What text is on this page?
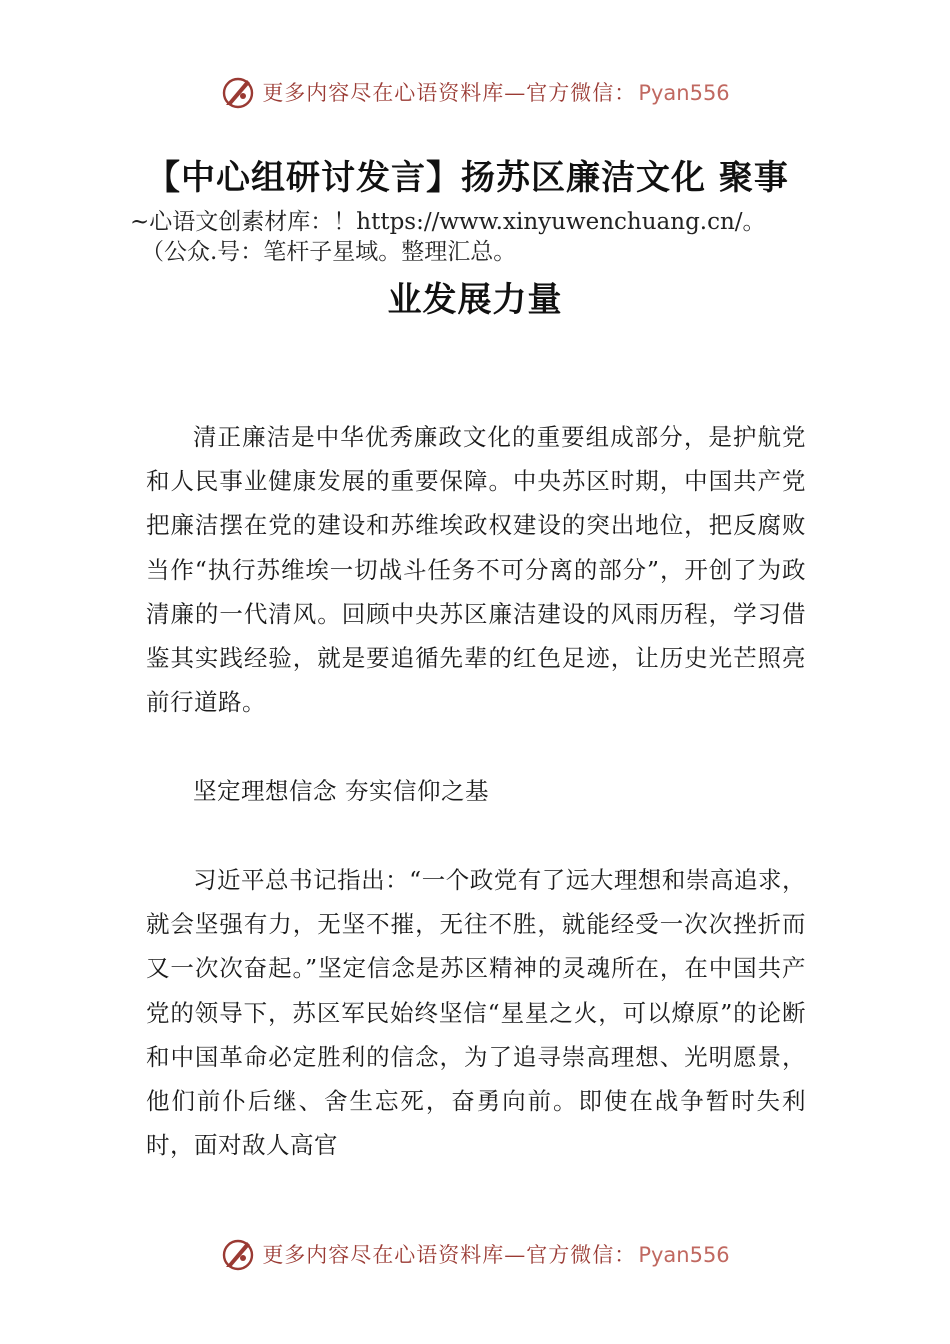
更多内容尽在心语资料库—官方微信：Pyan556
【中心组研讨发言】扬苏区廉洁文化 聚事

~心语文创素材库：！https://www.xinyuwenchuang.cn/。

（公众.号：笔杆子星域。整理汇总。

业发展力量

清正廉洁是中华优秀廉政文化的重要组成部分，是护航党和人民事业健康发展的重要保障。中央苏区时期，中国共产党把廉洁摆在党的建设和苏维埃政权建设的突出地位，把反腐败当作“执行苏维埃一切战斗任务不可分离的部分”，开创了为政清廉的一代清风。回顾中央苏区廉洁建设的风雨历程，学习借鉴其实践经验，就是要追循先辈的红色足迹，让历史光芒照亮前行道路。

坚定理想信念 夯实信仰之基

习近平总书记指出：“一个政党有了远大理想和崇高追求，就会坚强有力，无坚不摧，无往不胜，就能经受一次次挫折而又一次次奋起。”坚定信念是苏区精神的灵魂所在，在中国共产党的领导下，苏区军民始终坚信“星星之火，可以燎原”的论断和中国革命必定胜利的信念，为了追寻崇高理想、光明愿景，他们前仆后继、舍生忘死，奋勇向前。即使在战争暂时失利时，面对敌人高官

更多内容尽在心语资料库—官方微信：Pyan556
